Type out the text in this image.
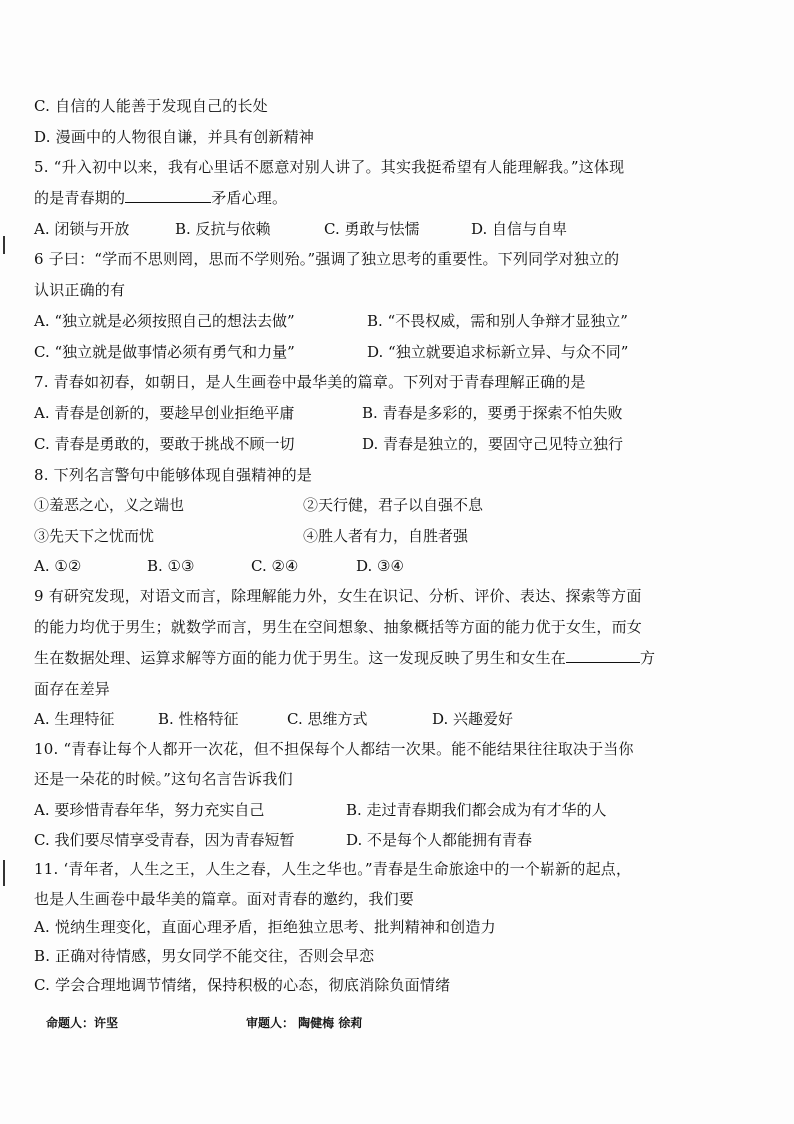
C. 自信的人能善于发现自己的长处
D. 漫画中的人物很自谦，并具有创新精神
5. “升入初中以来，我有心里话不愿意对别人讲了。其实我挺希望有人能理解我。”这体现
的是青春期的	矛盾心理。
A. 闭锁与开放	B. 反抗与依赖	C. 勇敢与怯懦	D. 自信与自卑
6 子曰：“学而不思则罔，思而不学则殆。”强调了独立思考的重要性。下列同学对独立的
认识正确的有
A. “独立就是必须按照自己的想法去做”	B. “不畏权威，需和别人争辩才显独立”
C. “独立就是做事情必须有勇气和力量”	D. “独立就要追求标新立异、与众不同”
7. 青春如初春，如朝日，是人生画卷中最华美的篇章。下列对于青春理解正确的是
A. 青春是创新的，要趁早创业拒绝平庸	B. 青春是多彩的，要勇于探索不怕失败
C. 青春是勇敢的，要敢于挑战不顾一切	D. 青春是独立的，要固守己见特立独行
8. 下列名言警句中能够体现自强精神的是
①羞恶之心，义之端也	②天行健，君子以自强不息
③先天下之忧而忧	④胜人者有力，自胜者强
A. ①②	B. ①③	C. ②④	D. ③④
9 有研究发现，对语文而言，除理解能力外，女生在识记、分析、评价、表达、探索等方面
的能力均优于男生；就数学而言，男生在空间想象、抽象概括等方面的能力优于女生，而女
生在数据处理、运算求解等方面的能力优于男生。这一发现反映了男生和女生在	方
面存在差异
A. 生理特征	B. 性格特征	C. 思维方式	D. 兴趣爱好
10. “青春让每个人都开一次花，但不担保每个人都结一次果。能不能结果往往取决于当你
还是一朵花的时候。”这句名言告诉我们
A. 要珍惜青春年华，努力充实自己	B. 走过青春期我们都会成为有才华的人
C. 我们要尽情享受青春，因为青春短暂	D. 不是每个人都能拥有青春
11. ‘青年者，人生之王，人生之春，人生之华也。”青春是生命旅途中的一个崭新的起点，
也是人生画卷中最华美的篇章。面对青春的邀约，我们要
A. 悦纳生理变化，直面心理矛盾，拒绝独立思考、批判精神和创造力
B. 正确对待情感，男女同学不能交往，否则会早恋
C. 学会合理地调节情绪，保持积极的心态，彻底消除负面情绪
命题人：许坚	审题人： 陶健梅 徐莉
